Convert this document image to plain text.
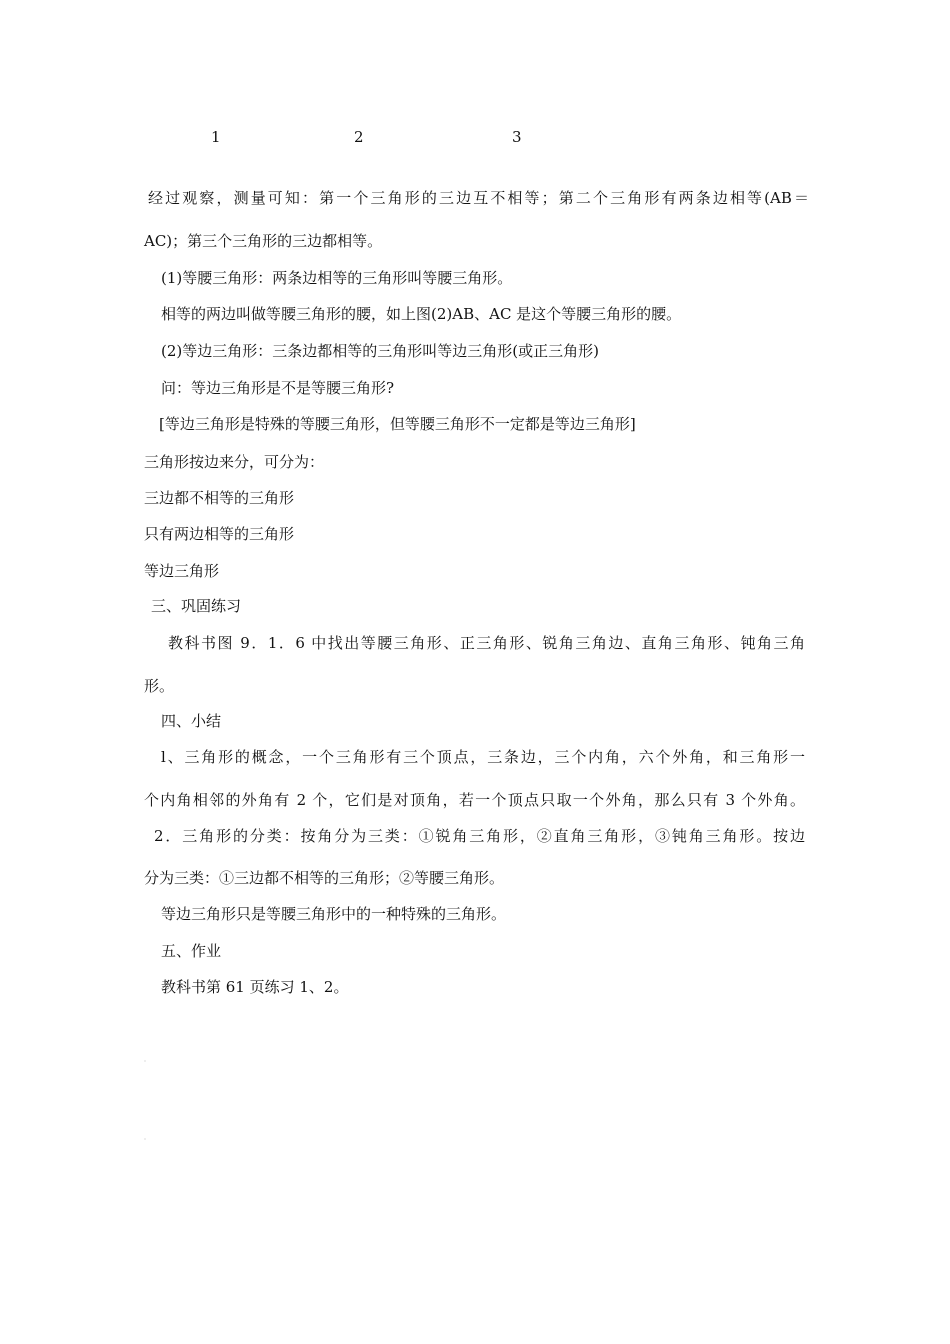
1	2	3
经过观察，测量可知：第一个三角形的三边互不相等；第二个三角形有两条边相等(AB＝
AC)；第三个三角形的三边都相等。
(1)等腰三角形：两条边相等的三角形叫等腰三角形。
相等的两边叫做等腰三角形的腰，如上图(2)AB、AC 是这个等腰三角形的腰。
(2)等边三角形：三条边都相等的三角形叫等边三角形(或正三角形)
问：等边三角形是不是等腰三角形?
[等边三角形是特殊的等腰三角形，但等腰三角形不一定都是等边三角形]
三角形按边来分，可分为：
三边都不相等的三角形
只有两边相等的三角形
等边三角形
三、巩固练习
教科书图 9．1．6 中找出等腰三角形、正三角形、锐角三角边、直角三角形、钝角三角
形。
四、小结
l、三角形的概念，一个三角形有三个顶点，三条边，三个内角，六个外角，和三角形一
个内角相邻的外角有 2 个，它们是对顶角，若一个顶点只取一个外角，那么只有 3 个外角。
2．三角形的分类：按角分为三类：①锐角三角形，②直角三角形，③钝角三角形。按边
分为三类：①三边都不相等的三角形；②等腰三角形。
等边三角形只是等腰三角形中的一种特殊的三角形。
五、作业
教科书第 61 页练习 1、2。
